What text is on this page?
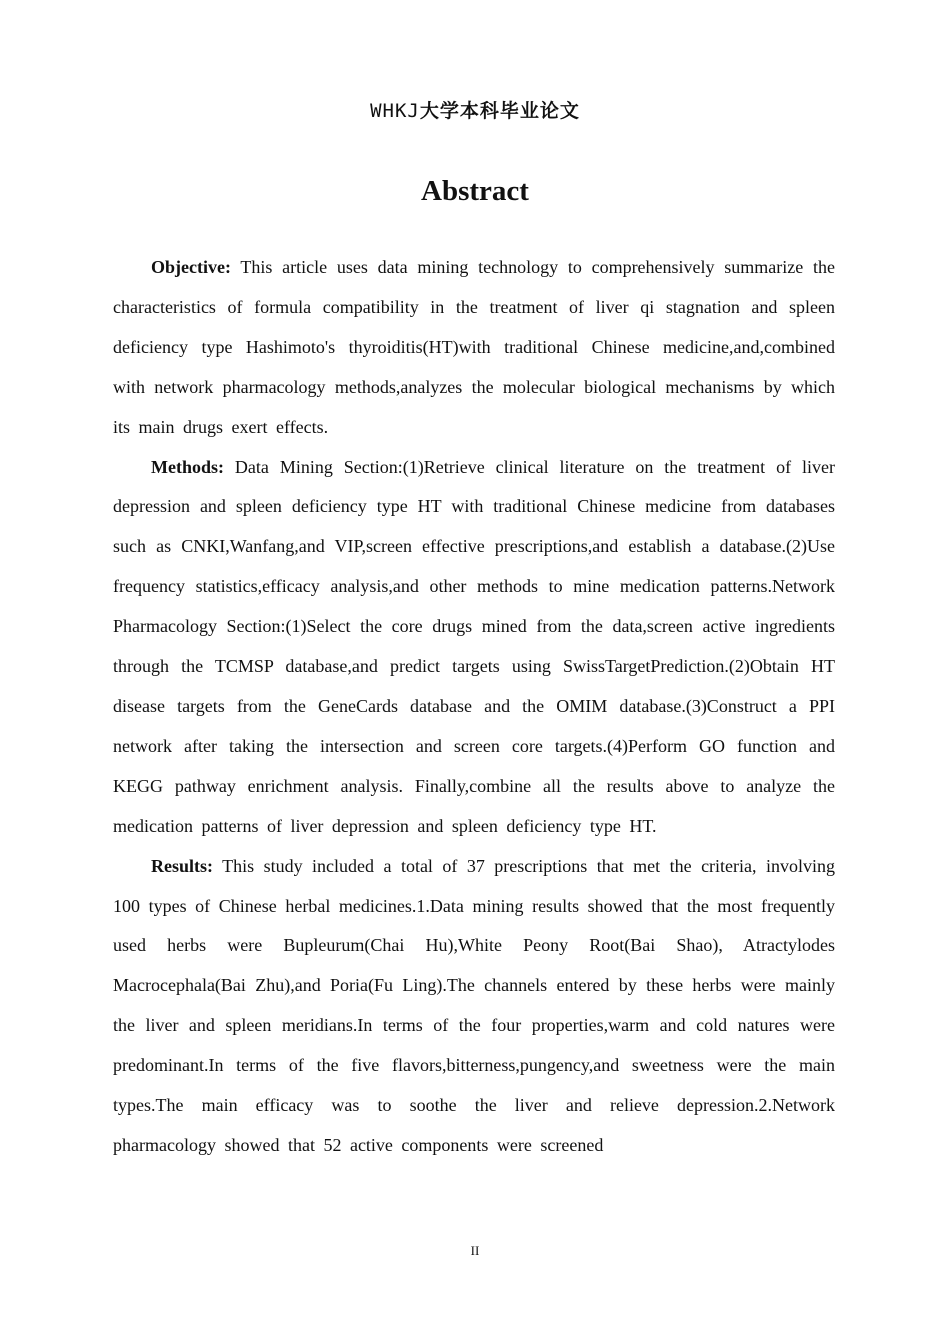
WHKJ大学本科毕业论文
Abstract

Objective: This article uses data mining technology to comprehensively summarize the characteristics of formula compatibility in the treatment of liver qi stagnation and spleen deficiency type Hashimoto's thyroiditis(HT)with traditional Chinese medicine,and,combined with network pharmacology methods,analyzes the molecular biological mechanisms by which its main drugs exert effects.

Methods: Data Mining Section:(1)Retrieve clinical literature on the treatment of liver depression and spleen deficiency type HT with traditional Chinese medicine from databases such as CNKI,Wanfang,and VIP,screen effective prescriptions,and establish a database.(2)Use frequency statistics,efficacy analysis,and other methods to mine medication patterns.Network Pharmacology Section:(1)Select the core drugs mined from the data,screen active ingredients through the TCMSP database,and predict targets using SwissTargetPrediction.(2)Obtain HT disease targets from the GeneCards database and the OMIM database.(3)Construct a PPI network after taking the intersection and screen core targets.(4)Perform GO function and KEGG pathway enrichment analysis. Finally,combine all the results above to analyze the medication patterns of liver depression and spleen deficiency type HT.

Results: This study included a total of 37 prescriptions that met the criteria, involving 100 types of Chinese herbal medicines.1.Data mining results showed that the most frequently used herbs were Bupleurum(Chai Hu),White Peony Root(Bai Shao), Atractylodes Macrocephala(Bai Zhu),and Poria(Fu Ling).The channels entered by these herbs were mainly the liver and spleen meridians.In terms of the four properties,warm and cold natures were predominant.In terms of the five flavors,bitterness,pungency,and sweetness were the main types.The main efficacy was to soothe the liver and relieve depression.2.Network pharmacology showed that 52 active components were screened

II
